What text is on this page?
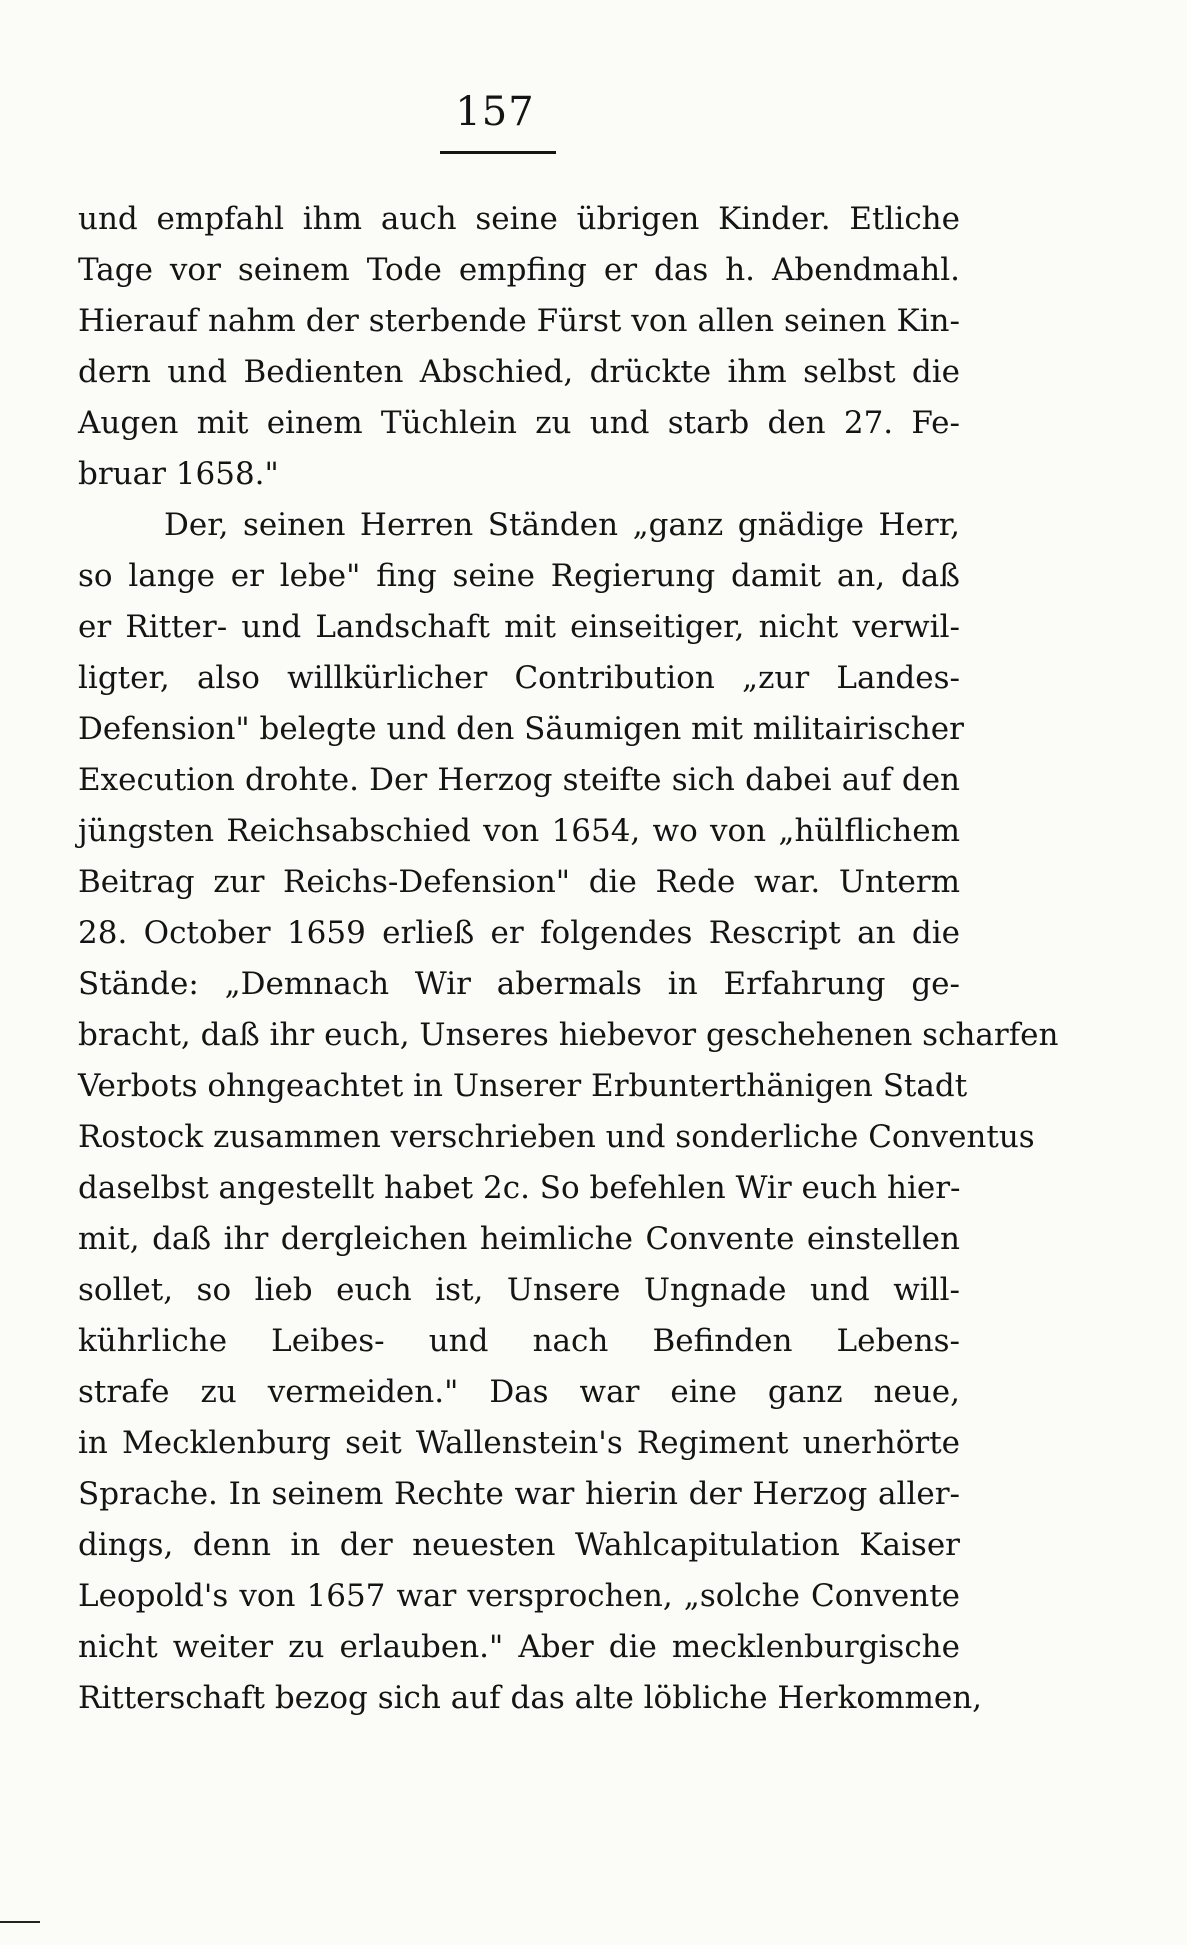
157
und empfahl ihm auch seine übrigen Kinder. Etliche
Tage vor seinem Tode empfing er das h. Abendmahl.
Hierauf nahm der sterbende Fürst von allen seinen Kin-
dern und Bedienten Abschied, drückte ihm selbst die
Augen mit einem Tüchlein zu und starb den 27. Fe-
bruar 1658."
Der, seinen Herren Ständen „ganz gnädige Herr,
so lange er lebe" fing seine Regierung damit an, daß
er Ritter- und Landschaft mit einseitiger, nicht verwil-
ligter, also willkürlicher Contribution „zur Landes-
Defension" belegte und den Säumigen mit militairischer
Execution drohte. Der Herzog steifte sich dabei auf den
jüngsten Reichsabschied von 1654, wo von „hülflichem
Beitrag zur Reichs-Defension" die Rede war. Unterm
28. October 1659 erließ er folgendes Rescript an die
Stände: „Demnach Wir abermals in Erfahrung ge-
bracht, daß ihr euch, Unseres hiebevor geschehenen scharfen
Verbots ohngeachtet in Unserer Erbunterthänigen Stadt
Rostock zusammen verschrieben und sonderliche Conventus
daselbst angestellt habet 2c. So befehlen Wir euch hier-
mit, daß ihr dergleichen heimliche Convente einstellen
sollet, so lieb euch ist, Unsere Ungnade und will-
kührliche Leibes- und nach Befinden Lebens-
strafe zu vermeiden." Das war eine ganz neue,
in Mecklenburg seit Wallenstein's Regiment unerhörte
Sprache. In seinem Rechte war hierin der Herzog aller-
dings, denn in der neuesten Wahlcapitulation Kaiser
Leopold's von 1657 war versprochen, „solche Convente
nicht weiter zu erlauben." Aber die mecklenburgische
Ritterschaft bezog sich auf das alte löbliche Herkommen,
